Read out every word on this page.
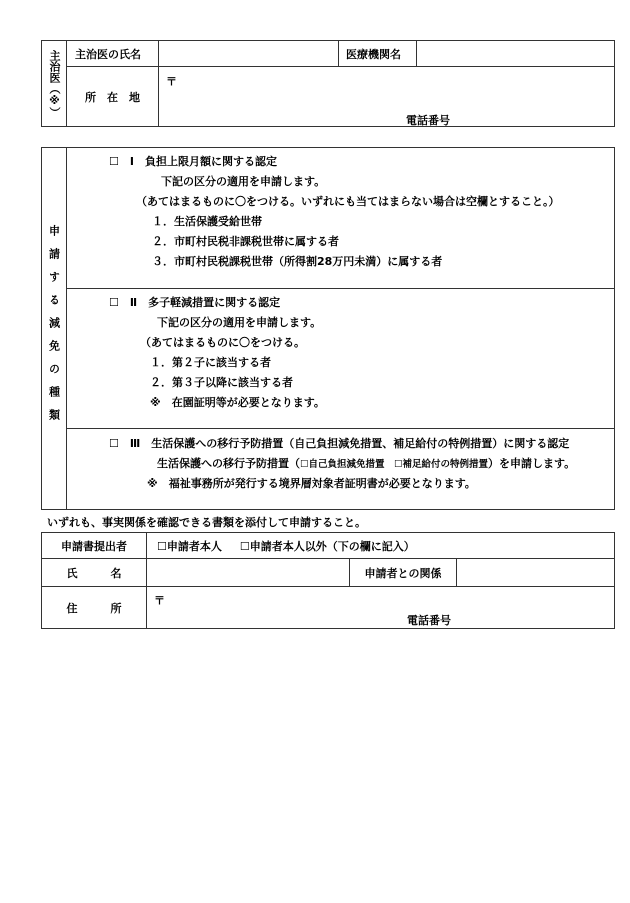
主治医（※）	主治医の氏名		医療機関名	
	所　在　地	〒
電話番号		
申請する減免の種類

☐　Ⅰ　負担上限月額に関する認定
下記の区分の適用を申請します。
（あてはまるものに〇をつける。いずれにも当てはまらない場合は空欄とすること。）
１．生活保護受給世帯
２．市町村民税非課税世帯に属する者
３．市町村民税課税世帯（所得割28万円未満）に属する者

☐　Ⅱ　多子軽減措置に関する認定
下記の区分の適用を申請します。
（あてはまるものに〇をつける。
１．第２子に該当する者
２．第３子以降に該当する者
※　在園証明等が必要となります。

☐　Ⅲ　生活保護への移行予防措置（自己負担減免措置、補足給付の特例措置）に関する認定
生活保護への移行予防措置（☐自己負担減免措置　☐補足給付の特例措置）を申請します。
※　福祉事務所が発行する境界層対象者証明書が必要となります。
いずれも、事実関係を確認できる書類を添付して申請すること。
申請書提出者	☐申請者本人 ☐申請者本人以外（下の欄に記入）		
氏　　　名		申請者との関係	
住　　　所	〒
電話番号		
